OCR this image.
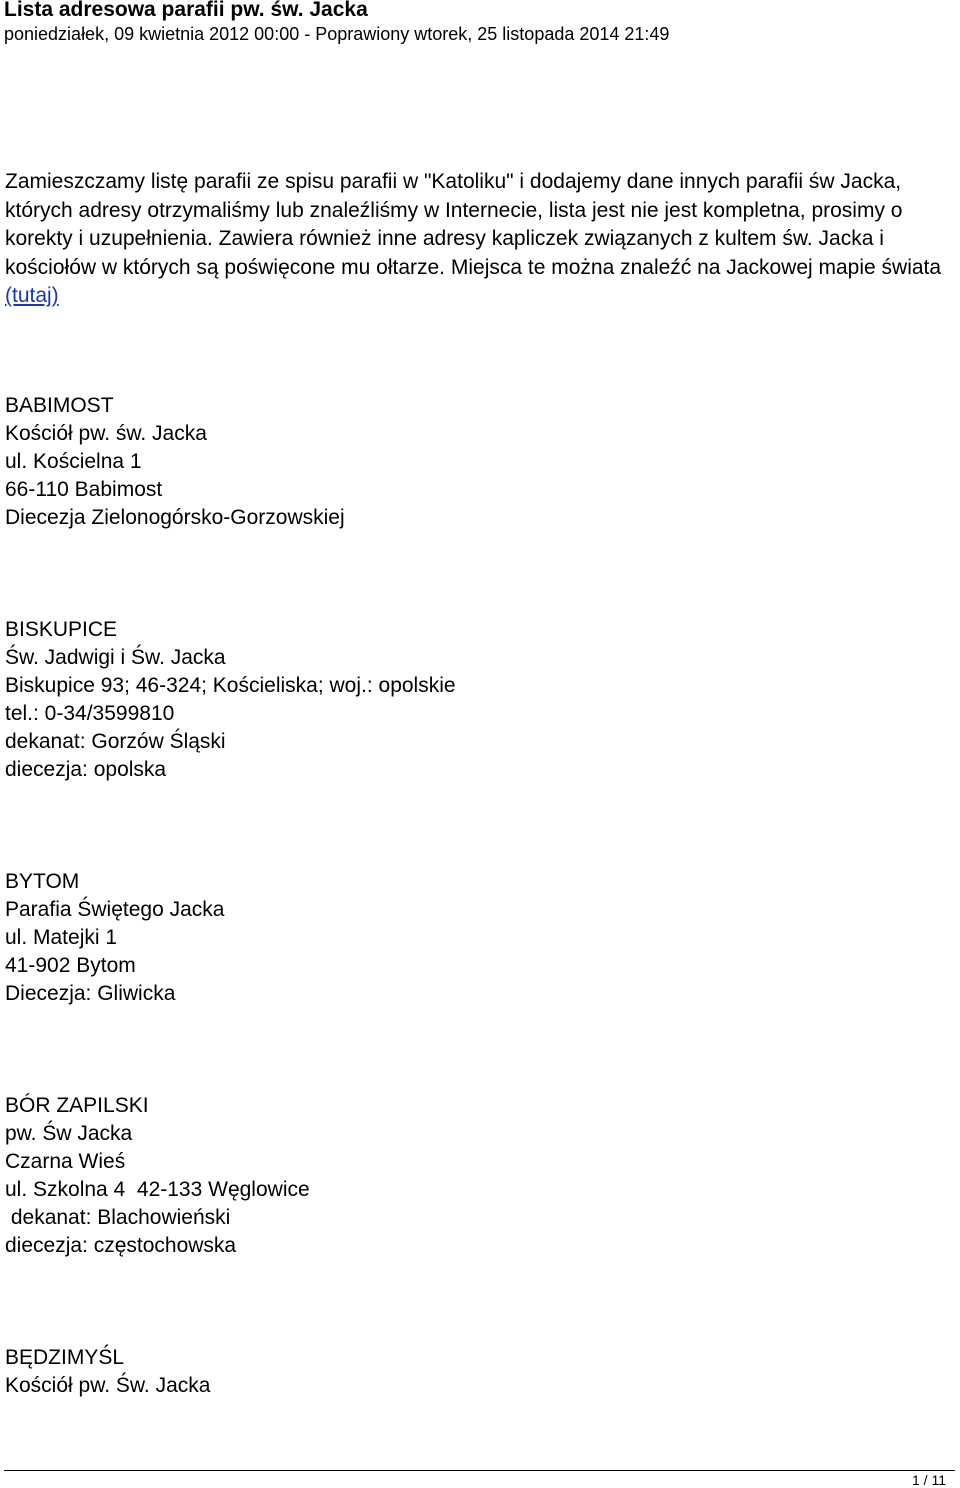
Lista adresowa parafii pw. św. Jacka

poniedziałek, 09 kwietnia 2012 00:00 - Poprawiony wtorek, 25 listopada 2014 21:49

Zamieszczamy listę parafii ze spisu parafii w "Katoliku" i dodajemy dane innych parafii św Jacka, których adresy otrzymaliśmy lub znaleźliśmy w Internecie, lista jest nie jest kompletna, prosimy o korekty i uzupełnienia. Zawiera również inne adresy kapliczek związanych z kultem św. Jacka i kościołów w których są poświęcone mu ołtarze. Miejsca te można znaleźć na Jackowej mapie świata (tutaj)

BABIMOST
Kościół pw. św. Jacka
ul. Kościelna 1
66-110 Babimost
Diecezja Zielonogórsko-Gorzowskiej
BISKUPICE
Św. Jadwigi i Św. Jacka
Biskupice 93; 46-324; Kościeliska; woj.: opolskie
tel.: 0-34/3599810
dekanat: Gorzów Śląski
diecezja: opolska
BYTOM
Parafia Świętego Jacka
ul. Matejki 1
41-902 Bytom
Diecezja: Gliwicka
BÓR ZAPILSKI
pw. Św Jacka
Czarna Wieś
ul. Szkolna 4  42-133 Węglowice
dekanat: Blachowieński
diecezja: częstochowska
BĘDZIMYŚL
Kościół pw. Św. Jacka
1 / 11
